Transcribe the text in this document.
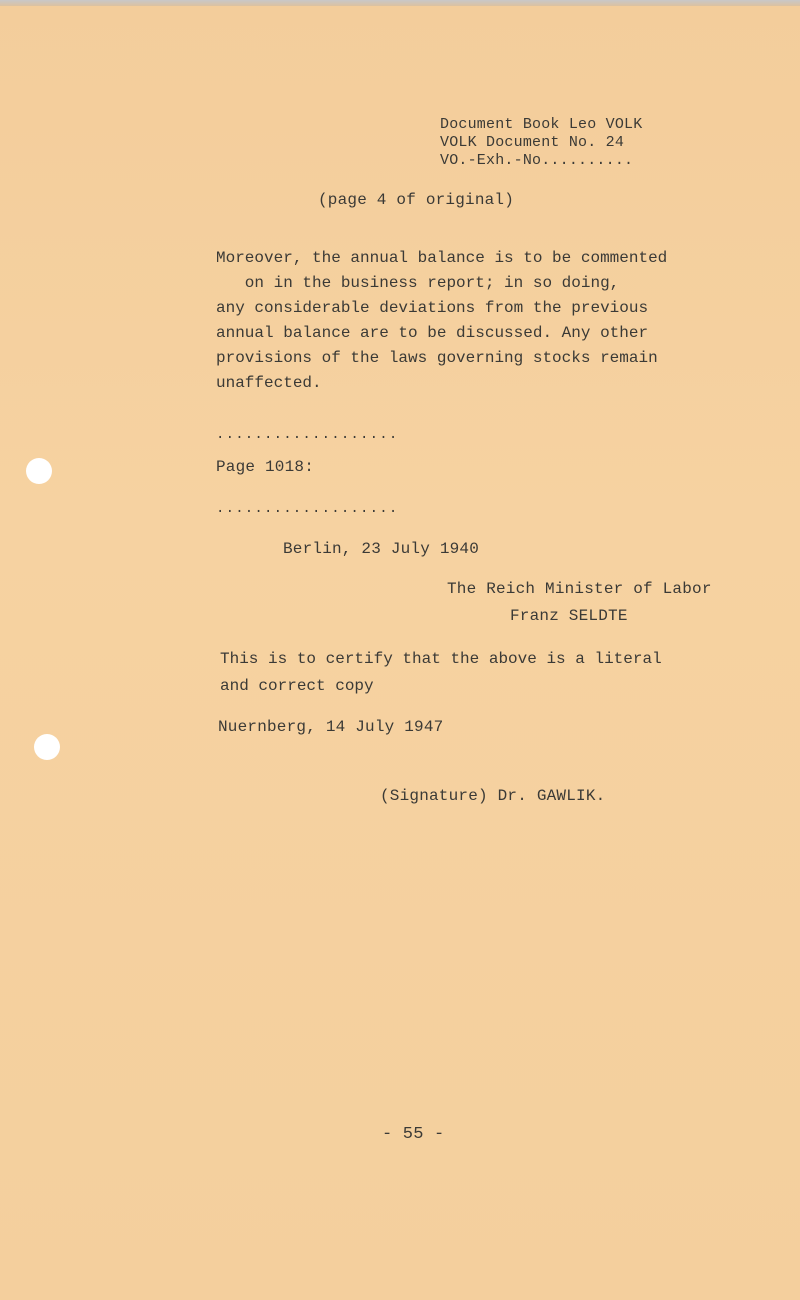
Document Book Leo VOLK
VOLK Document No. 24
VO.-Exh.-No..........
(page 4 of original)
Moreover, the annual balance is to be commented
on in the business report; in so doing,
any considerable deviations from the previous
annual balance are to be discussed. Any other
provisions of the laws governing stocks remain
unaffected.
...................
Page 1018:
...................
Berlin, 23 July 1940
The Reich Minister of Labor
Franz SELDTE
This is to certify that the above is a literal
and correct copy
Nuernberg, 14 July 1947
(Signature) Dr. GAWLIK.
- 55 -
